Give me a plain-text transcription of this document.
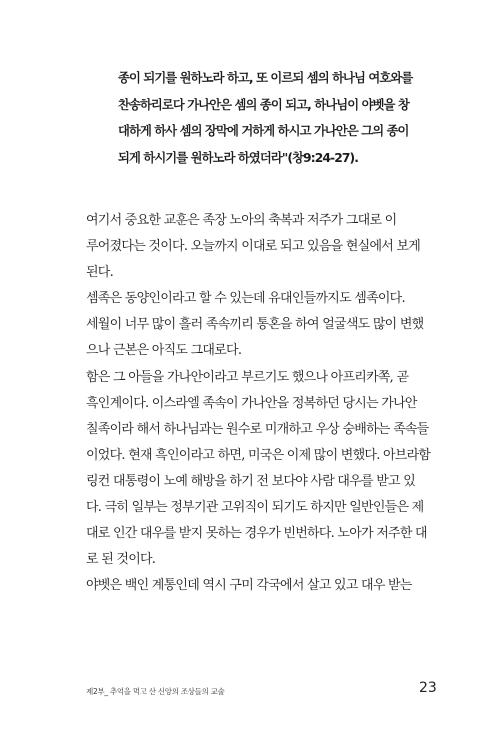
종이 되기를 원하노라 하고, 또 이르되 셈의 하나님 여호와를
찬송하리로다 가나안은 셈의 종이 되고, 하나님이 야벳을 창
대하게 하사 셈의 장막에 거하게 하시고 가나안은 그의 종이
되게 하시기를 원하노라 하였더라"(창9:24-27).
여기서 중요한 교훈은 족장 노아의 축복과 저주가 그대로 이
루어졌다는 것이다. 오늘까지 이대로 되고 있음을 현실에서 보게
된다.
셈족은 동양인이라고 할 수 있는데 유대인들까지도 셈족이다.
세월이 너무 많이 흘러 족속끼리 통혼을 하여 얼굴색도 많이 변했
으나 근본은 아직도 그대로다.
함은 그 아들을 가나안이라고 부르기도 했으나 아프리카쪽, 곧
흑인계이다. 이스라엘 족속이 가나안을 정복하던 당시는 가나안
칠족이라 해서 하나님과는 원수로 미개하고 우상 숭배하는 족속들
이었다. 현재 흑인이라고 하면, 미국은 이제 많이 변했다. 아브라함
링컨 대통령이 노예 해방을 하기 전 보다야 사람 대우를 받고 있
다. 극히 일부는 정부기관 고위직이 되기도 하지만 일반인들은 제
대로 인간 대우를 받지 못하는 경우가 빈번하다. 노아가 저주한 대
로 된 것이다.
야벳은 백인 계통인데 역시 구미 각국에서 살고 있고 대우 받는
제2부_ 추억을 먹고 산 신앙의 조상들의 교술	23
